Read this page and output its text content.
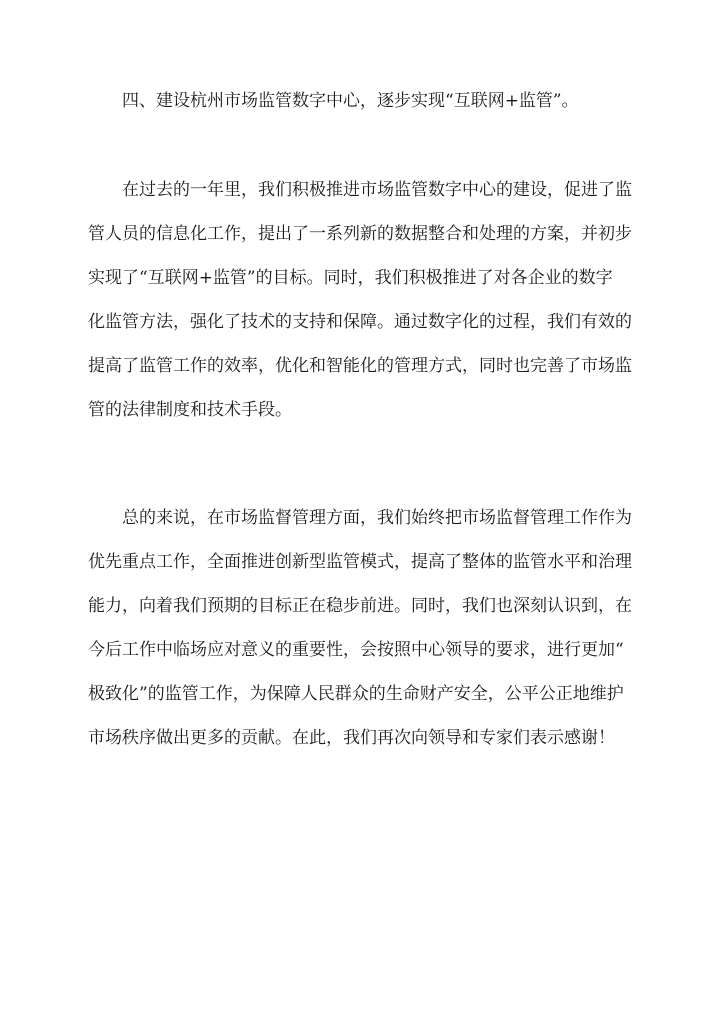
四、建设杭州市场监管数字中心，逐步实现“互联网+监管”。

在过去的一年里，我们积极推进市场监管数字中心的建设，促进了监
管人员的信息化工作，提出了一系列新的数据整合和处理的方案，并初步
实现了“互联网+监管”的目标。同时，我们积极推进了对各企业的数字
化监管方法，强化了技术的支持和保障。通过数字化的过程，我们有效的
提高了监管工作的效率，优化和智能化的管理方式，同时也完善了市场监
管的法律制度和技术手段。
总的来说，在市场监督管理方面，我们始终把市场监督管理工作作为
优先重点工作，全面推进创新型监管模式，提高了整体的监管水平和治理
能力，向着我们预期的目标正在稳步前进。同时，我们也深刻认识到，在
今后工作中临场应对意义的重要性，会按照中心领导的要求，进行更加“
极致化”的监管工作，为保障人民群众的生命财产安全，公平公正地维护
市场秩序做出更多的贡献。在此，我们再次向领导和专家们表示感谢！
